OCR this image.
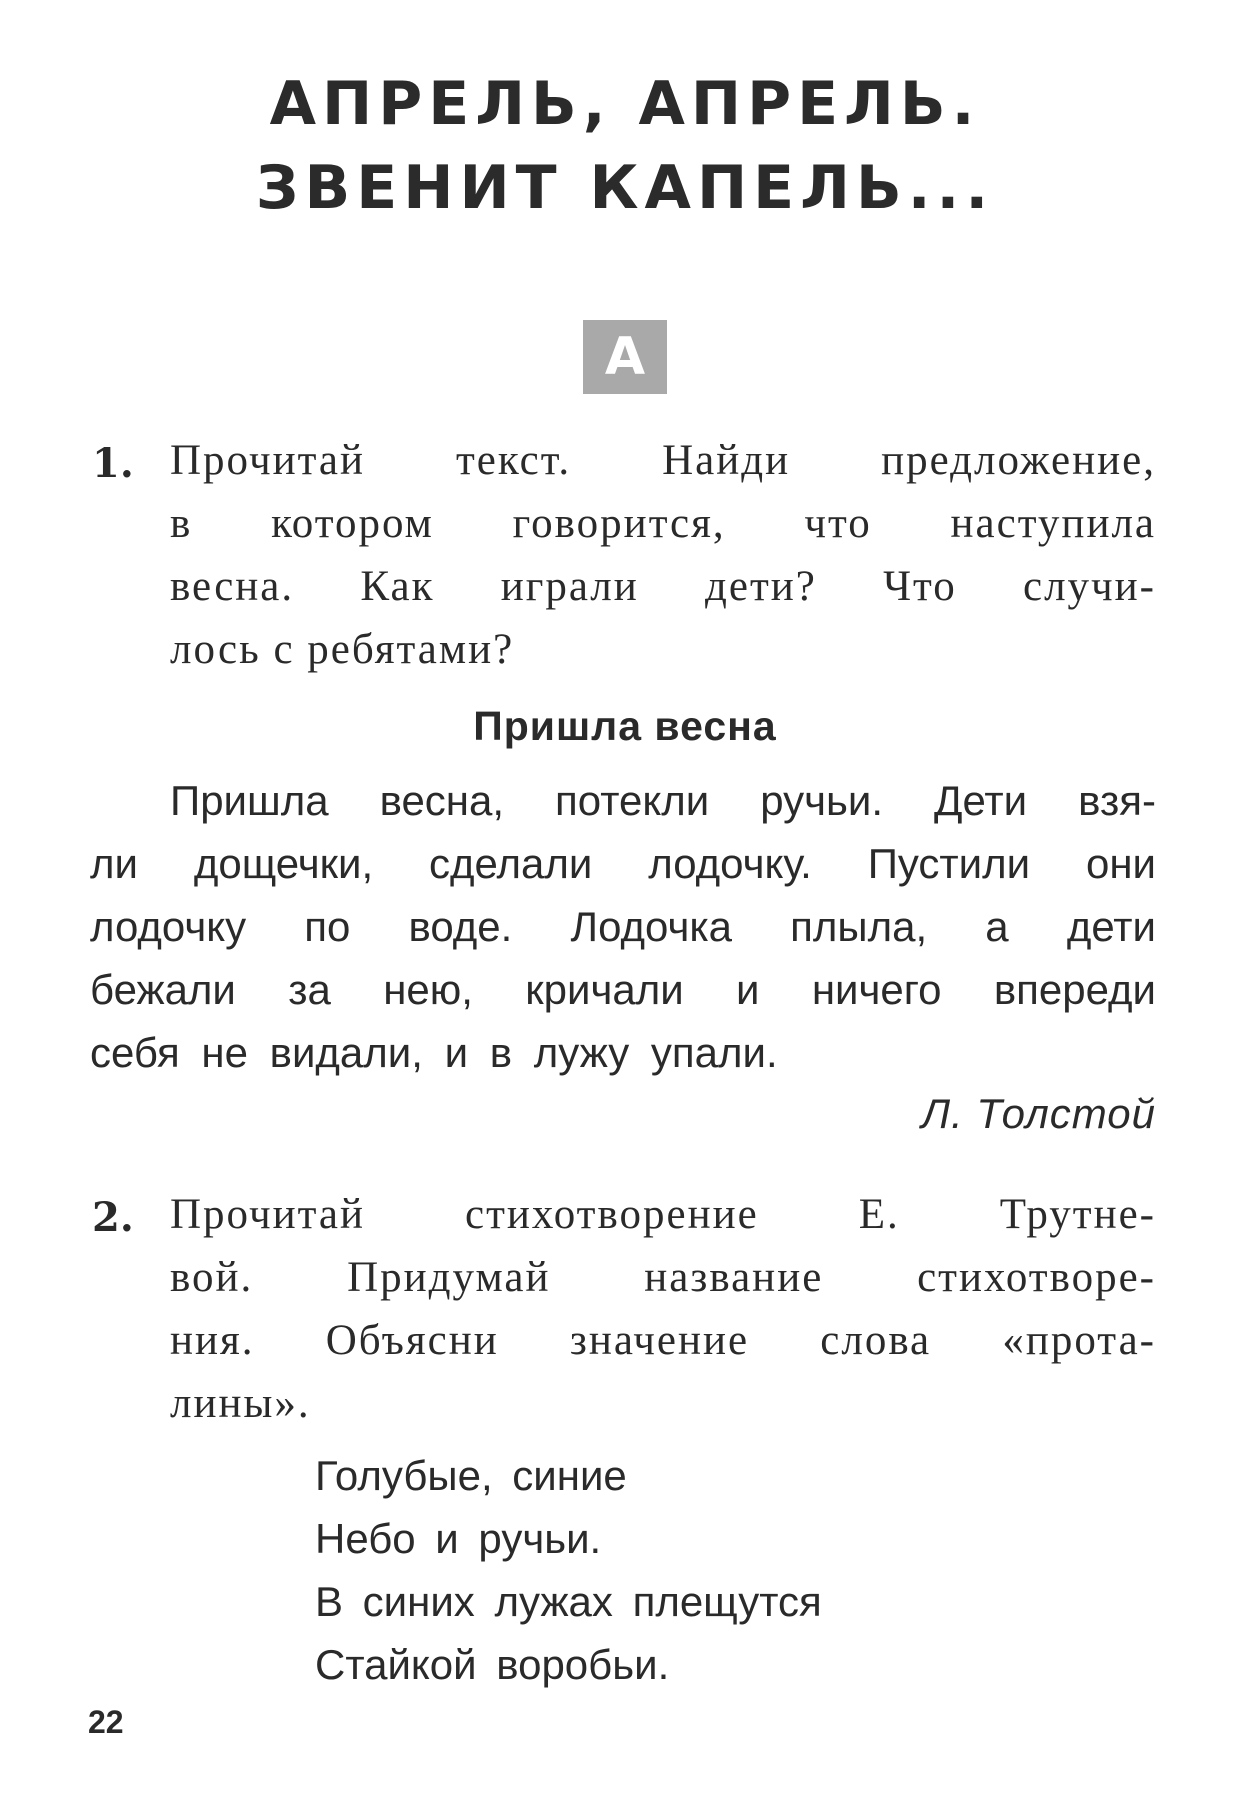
АПРЕЛЬ, АПРЕЛЬ.
ЗВЕНИТ КАПЕЛЬ...
А
1. Прочитай текст. Найди предложение,

в котором говорится, что наступила

весна. Как играли дети? Что случи-

лось с ребятами?

Пришла весна

Пришла весна, потекли ручьи. Дети взя-

ли дощечки, сделали лодочку. Пустили они

лодочку по воде. Лодочка плыла, а дети

бежали за нею, кричали и ничего впереди

себя не видали, и в лужу упали.

Л. Толстой
2. Прочитай стихотворение Е. Трутне-

вой. Придумай название стихотворе-

ния. Объясни значение слова «прота-

лины».

Голубые, синие

Небо и ручьи.

В синих лужах плещутся

Стайкой воробьи.

22
